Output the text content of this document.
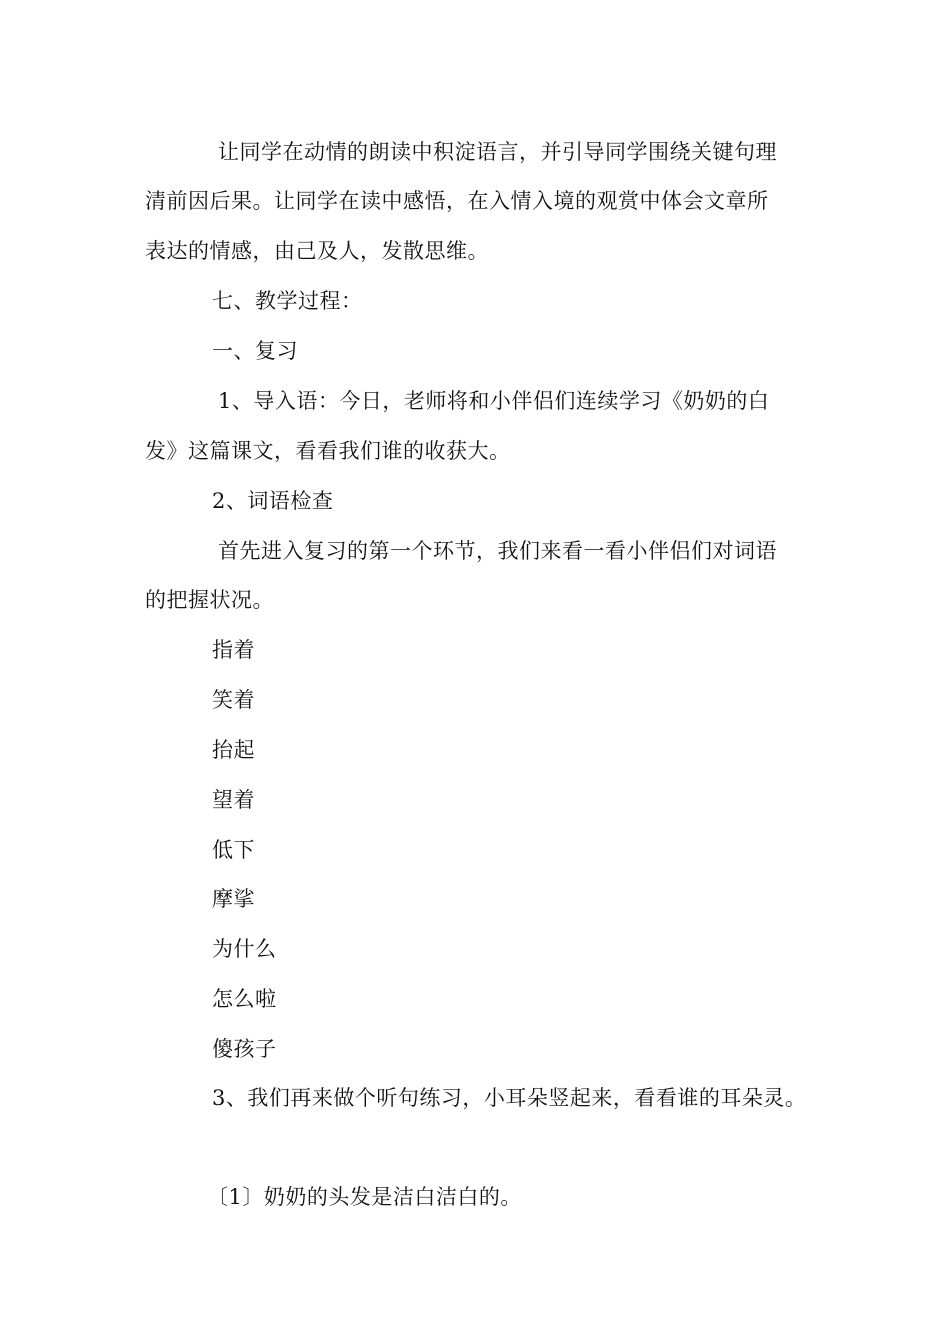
让同学在动情的朗读中积淀语言，并引导同学围绕关键句理
清前因后果。让同学在读中感悟，在入情入境的观赏中体会文章所
表达的情感，由己及人，发散思维。
七、教学过程：
一、复习
1、导入语：今日，老师将和小伴侣们连续学习《奶奶的白
发》这篇课文，看看我们谁的收获大。
2、词语检查
首先进入复习的第一个环节，我们来看一看小伴侣们对词语
的把握状况。
指着
笑着
抬起
望着
低下
摩挲
为什么
怎么啦
傻孩子
3、我们再来做个听句练习，小耳朵竖起来，看看谁的耳朵灵。
〔1〕奶奶的头发是洁白洁白的。
